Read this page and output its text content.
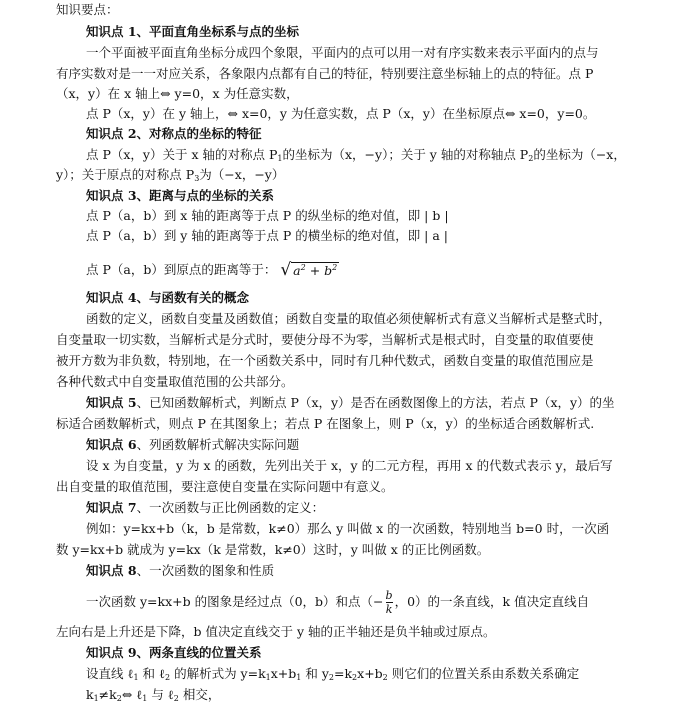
知识要点：
知识点 1、平面直角坐标系与点的坐标
一个平面被平面直角坐标分成四个象限，平面内的点可以用一对有序实数来表示平面内的点与
有序实数对是一一对应关系，各象限内点都有自己的特征，特别要注意坐标轴上的点的特征。点 P
（x，y）在 x 轴上⇔ y=0，x 为任意实数，
点 P（x，y）在 y 轴上，⇔ x=0，y 为任意实数，点 P（x，y）在坐标原点⇔ x=0，y=0。
知识点 2、对称点的坐标的特征
点 P（x，y）关于 x 轴的对称点 $P_1$的坐标为（x，−y）；关于 y 轴的对称轴点 $P_2$的坐标为（−x，
y）；关于原点的对称点 $P_3$为（−x，−y）
知识点 3、距离与点的坐标的关系
点 P（a，b）到 x 轴的距离等于点 P 的纵坐标的绝对值，即 | b |
点 P（a，b）到 y 轴的距离等于点 P 的横坐标的绝对值，即 | a |
点 P（a，b）到原点的距离等于： √ $a^2 + b^2$
知识点 4、与函数有关的概念
函数的定义，函数自变量及函数值；函数自变量的取值必须使解析式有意义当解析式是整式时，
自变量取一切实数，当解析式是分式时，要使分母不为零，当解析式是根式时，自变量的取值要使
被开方数为非负数，特别地，在一个函数关系中，同时有几种代数式，函数自变量的取值范围应是
各种代数式中自变量取值范围的公共部分。
知识点 5、已知函数解析式，判断点 P（x，y）是否在函数图像上的方法，若点 P（x，y）的坐
标适合函数解析式，则点 P 在其图象上；若点 P 在图象上，则 P（x，y）的坐标适合函数解析式.
知识点 6、列函数解析式解决实际问题
设 x 为自变量，y 为 x 的函数，先列出关于 x，y 的二元方程，再用 x 的代数式表示 y，最后写
出自变量的取值范围，要注意使自变量在实际问题中有意义。
知识点 7、一次函数与正比例函数的定义：
例如：y=kx+b（k，b 是常数，k≠0）那么 y 叫做 x 的一次函数，特别地当 b=0 时，一次函
数 y=kx+b 就成为 y=kx（k 是常数，k≠0）这时，y 叫做 x 的正比例函数。
知识点 8、一次函数的图象和性质
一次函数 y=kx+b 的图象是经过点（0，b）和点（− $\frac{b}{k}$ ，0）的一条直线，k 值决定直线自
左向右是上升还是下降，b 值决定直线交于 y 轴的正半轴还是负半轴或过原点。
知识点 9、两条直线的位置关系
设直线 ℓ$_1$ 和 ℓ$_2$ 的解析式为 $y=k_1x+b_1$ 和 $y_2=k_2x+b_2$ 则它们的位置关系由系数关系确定
$k_1\ne k_2\Leftrightarrow$ ℓ$_1$ 与 ℓ$_2$ 相交，
